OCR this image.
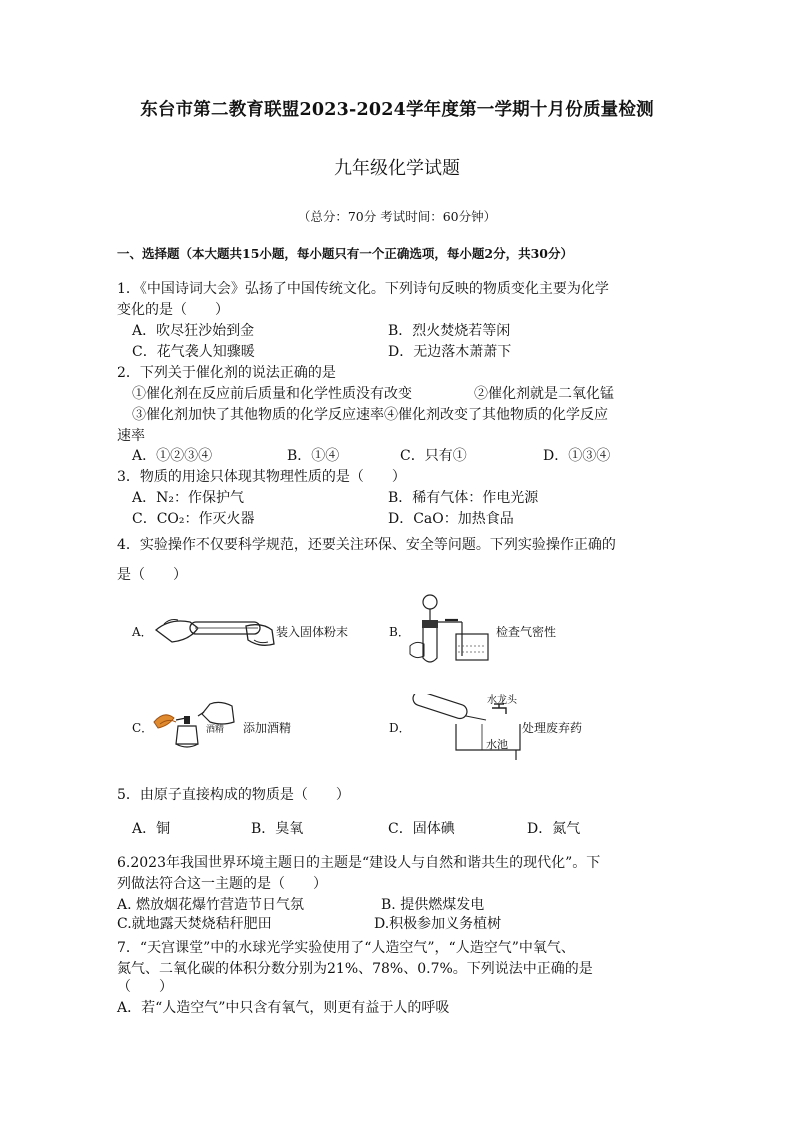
东台市第二教育联盟2023-2024学年度第一学期十月份质量检测
九年级化学试题
（总分：70分 考试时间：60分钟）
一、选择题（本大题共15小题，每小题只有一个正确选项，每小题2分，共30分）
1．《中国诗词大会》弘扬了中国传统文化。下列诗句反映的物质变化主要为化学
变化的是（　　）
A．吹尽狂沙始到金	B．烈火焚烧若等闲
C．花气袭人知骤暖	D．无边落木萧萧下
2．下列关于催化剂的说法正确的是
①催化剂在反应前后质量和化学性质没有改变	②催化剂就是二氧化锰
③催化剂加快了其他物质的化学反应速率④催化剂改变了其他物质的化学反应
速率
A．①②③④	B．①④	C．只有①	D．①③④
3．物质的用途只体现其物理性质的是（　　）
A．N₂：作保护气	B．稀有气体：作电光源
C．CO₂：作灭火器	D．CaO：加热食品
4．实验操作不仅要科学规范，还要关注环保、安全等问题。下列实验操作正确的
是（　　）
A．	装入固体粉末	B．	检查气密性
C．	酒精 添加酒精	D．
水龙头
水池
处理废弃药
5．由原子直接构成的物质是（　　）
A．铜	B．臭氧	C．固体碘	D．氮气
6.2023年我国世界环境主题日的主题是“建设人与自然和谐共生的现代化”。下
列做法符合这一主题的是（　　）
A. 燃放烟花爆竹营造节日气氛	B. 提供燃煤发电
C.就地露天焚烧秸秆肥田	D.积极参加义务植树
7．“天宫课堂”中的水球光学实验使用了“人造空气”，“人造空气”中氧气、
氮气、二氧化碳的体积分数分别为21%、78%、0.7%。下列说法中正确的是
（　　）
A．若“人造空气”中只含有氧气，则更有益于人的呼吸
